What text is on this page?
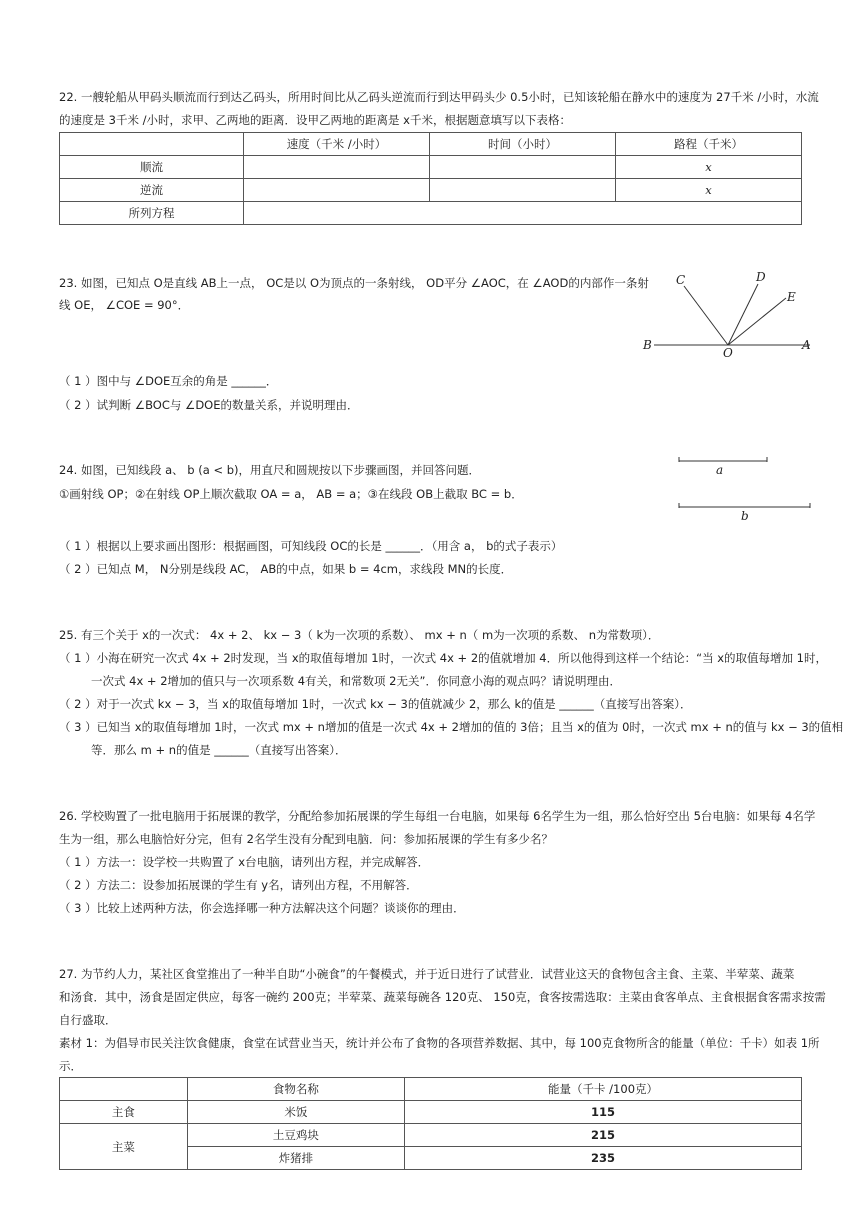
22. 一艘轮船从甲码头顺流而行到达乙码头，所用时间比从乙码头逆流而行到达甲码头少 0.5小时，已知该轮船在静水中的速度为 27千米 /小时，水流
的速度是 3千米 /小时，求甲、乙两地的距离．设甲乙两地的距离是 x千米，根据题意填写以下表格：
	速度（千米 /小时）	时间（小时）	路程（千米）
顺流			x
逆流			x
所列方程			
23. 如图，已知点 O是直线 AB上一点， OC是以 O为顶点的一条射线， OD平分 ∠AOC，在 ∠AOD的内部作一条射
线 OE， ∠COE = 90°．
C	D
E
B
O
A
（ 1 ）图中与 ∠DOE互余的角是 ______．
（ 2 ）试判断 ∠BOC与 ∠DOE的数量关系，并说明理由．
24. 如图，已知线段 a、 b (a < b)，用直尺和圆规按以下步骤画图，并回答问题．
①画射线 OP；②在射线 OP上顺次截取 OA = a， AB = a；③在线段 OB上截取 BC = b．
a
b
（ 1 ）根据以上要求画出图形：根据画图，可知线段 OC的长是 ______．（用含 a， b的式子表示）
（ 2 ）已知点 M， N分别是线段 AC， AB的中点，如果 b = 4cm，求线段 MN的长度．
25. 有三个关于 x的一次式： 4x + 2、 kx − 3（ k为一次项的系数）、 mx + n（ m为一次项的系数、 n为常数项）．
（ 1 ）小海在研究一次式 4x + 2时发现，当 x的取值每增加 1时，一次式 4x + 2的值就增加 4．所以他得到这样一个结论：“当 x的取值每增加 1时，
一次式 4x + 2增加的值只与一次项系数 4有关，和常数项 2无关”．你同意小海的观点吗？请说明理由．
（ 2 ）对于一次式 kx − 3，当 x的取值每增加 1时，一次式 kx − 3的值就减少 2，那么 k的值是 ______（直接写出答案）．
（ 3 ）已知当 x的取值每增加 1时，一次式 mx + n增加的值是一次式 4x + 2增加的值的 3倍；且当 x的值为 0时，一次式 mx + n的值与 kx − 3的值相
等．那么 m + n的值是 ______（直接写出答案）．
26. 学校购置了一批电脑用于拓展课的教学，分配给参加拓展课的学生每组一台电脑，如果每 6名学生为一组，那么恰好空出 5台电脑：如果每 4名学
生为一组，那么电脑恰好分完，但有 2名学生没有分配到电脑．问：参加拓展课的学生有多少名？
（ 1 ）方法一：设学校一共购置了 x台电脑，请列出方程，并完成解答．
（ 2 ）方法二：设参加拓展课的学生有 y名，请列出方程，不用解答．
（ 3 ）比较上述两种方法，你会选择哪一种方法解决这个问题？谈谈你的理由．
27. 为节约人力，某社区食堂推出了一种半自助“小碗食”的午餐模式，并于近日进行了试营业．试营业这天的食物包含主食、主菜、半荤菜、蔬菜
和汤食．其中，汤食是固定供应，每客一碗约 200克；半荤菜、蔬菜每碗各 120克、 150克，食客按需选取：主菜由食客单点、主食根据食客需求按需
自行盛取．
素材 1：为倡导市民关注饮食健康，食堂在试营业当天，统计并公布了食物的各项营养数据、其中，每 100克食物所含的能量（单位：千卡）如表 1所
示．
	食物名称	能量（千卡 /100克）
主食	米饭	115
主菜	土豆鸡块	215
	炸猪排	235
